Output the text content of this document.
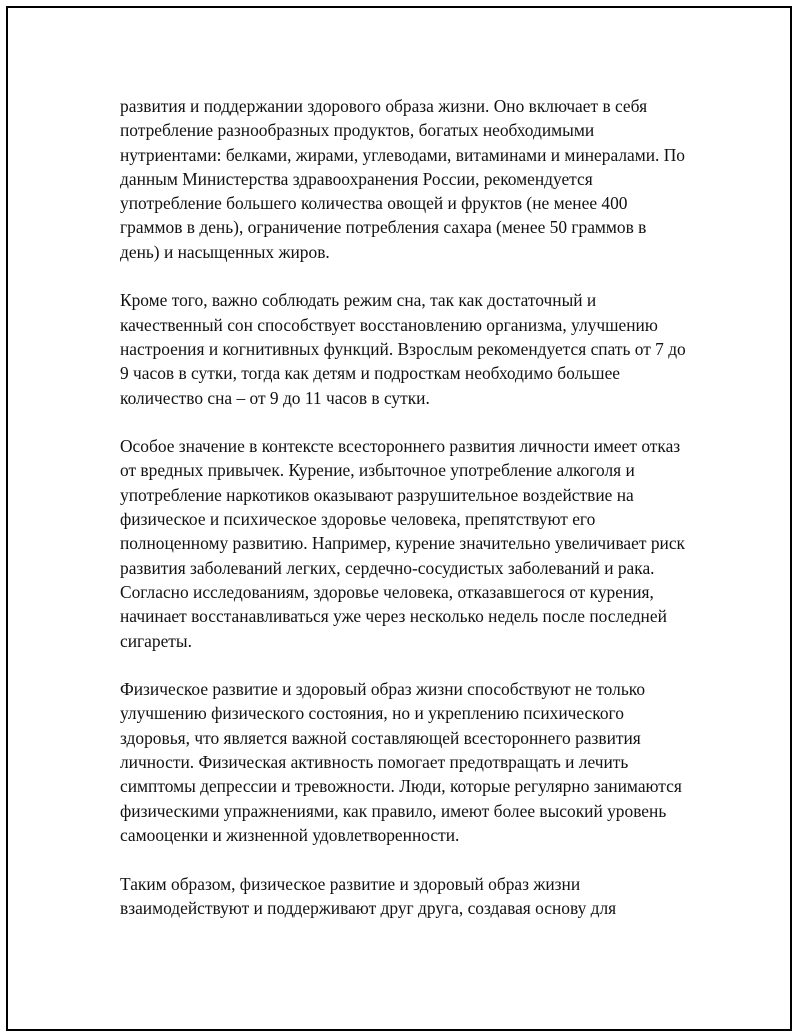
развития и поддержании здорового образа жизни. Оно включает в себя потребление разнообразных продуктов, богатых необходимыми нутриентами: белками, жирами, углеводами, витаминами и минералами. По данным Министерства здравоохранения России, рекомендуется употребление большего количества овощей и фруктов (не менее 400 граммов в день), ограничение потребления сахара (менее 50 граммов в день) и насыщенных жиров.

Кроме того, важно соблюдать режим сна, так как достаточный и качественный сон способствует восстановлению организма, улучшению настроения и когнитивных функций. Взрослым рекомендуется спать от 7 до 9 часов в сутки, тогда как детям и подросткам необходимо большее количество сна – от 9 до 11 часов в сутки.

Особое значение в контексте всестороннего развития личности имеет отказ от вредных привычек. Курение, избыточное употребление алкоголя и употребление наркотиков оказывают разрушительное воздействие на физическое и психическое здоровье человека, препятствуют его полноценному развитию. Например, курение значительно увеличивает риск развития заболеваний легких, сердечно-сосудистых заболеваний и рака. Согласно исследованиям, здоровье человека, отказавшегося от курения, начинает восстанавливаться уже через несколько недель после последней сигареты.

Физическое развитие и здоровый образ жизни способствуют не только улучшению физического состояния, но и укреплению психического здоровья, что является важной составляющей всестороннего развития личности. Физическая активность помогает предотвращать и лечить симптомы депрессии и тревожности. Люди, которые регулярно занимаются физическими упражнениями, как правило, имеют более высокий уровень самооценки и жизненной удовлетворенности.

Таким образом, физическое развитие и здоровый образ жизни взаимодействуют и поддерживают друг друга, создавая основу для
